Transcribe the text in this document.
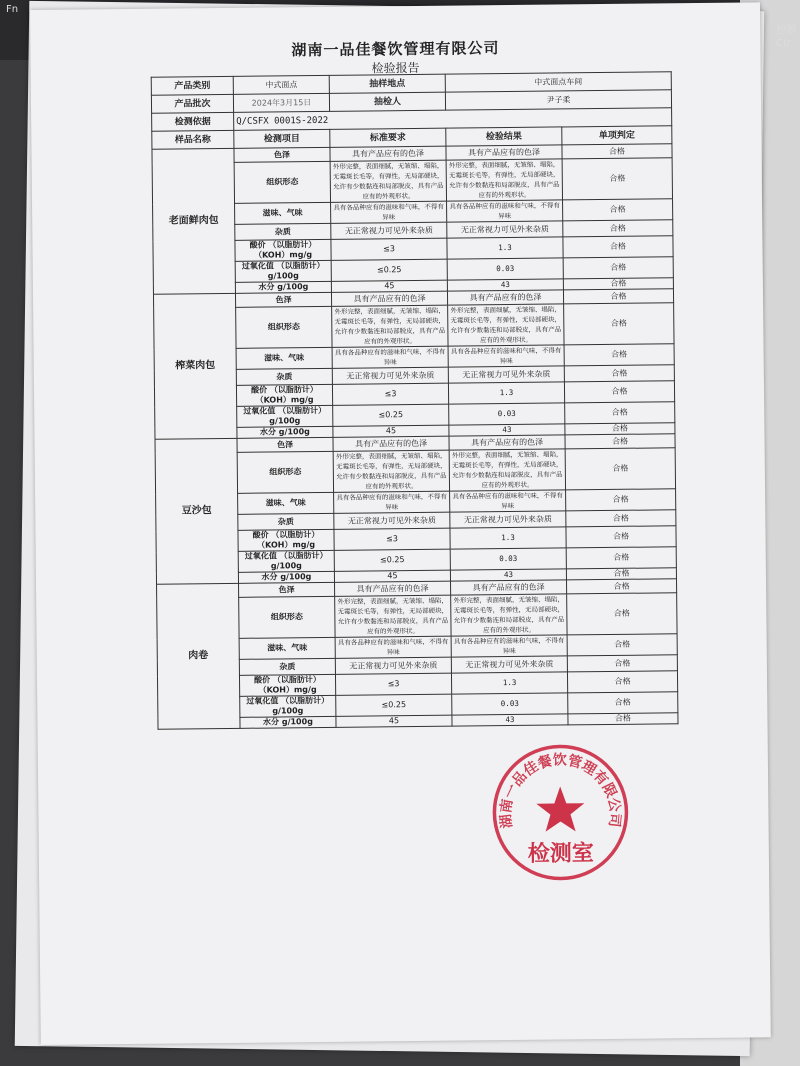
Fn
控制
Ctr
湖南一品佳餐饮管理有限公司
检验报告
产品类别	中式面点	抽样地点	中式面点车间	
产品批次	2024年3月15日	抽检人	尹子柔	
检测依据	Q/CSFX 0001S-2022			
样品名称	检测项目	标准要求	检验结果	单项判定
老面鲜肉包	色泽	具有产品应有的色泽	具有产品应有的色泽	合格
	组织形态	外形完整，表面细腻，无皱缩、塌陷，无霉斑长毛等，有弹性，无局部硬块，允许有少数黏连和局部脱皮，具有产品应有的外观形状。	外形完整，表面细腻，无皱缩、塌陷，无霉斑长毛等，有弹性，无局部硬块，允许有少数黏连和局部脱皮，具有产品应有的外观形状。	合格
	滋味、气味	具有各品种应有的滋味和气味，不得有异味	具有各品种应有的滋味和气味，不得有异味	合格
	杂质	无正常视力可见外来杂质	无正常视力可见外来杂质	合格
	酸价 （以脂肪计）（KOH）mg/g	≤3	1.3	合格
	过氧化值 （以脂肪计）g/100g	≤0.25	0.03	合格
	水分 g/100g	45	43	合格
榨菜肉包	色泽	具有产品应有的色泽	具有产品应有的色泽	合格
	组织形态	外形完整，表面细腻，无皱缩、塌陷，无霉斑长毛等，有弹性，无局部硬块，允许有少数黏连和局部脱皮，具有产品应有的外观形状。	外形完整，表面细腻，无皱缩、塌陷，无霉斑长毛等，有弹性，无局部硬块，允许有少数黏连和局部脱皮，具有产品应有的外观形状。	合格
	滋味、气味	具有各品种应有的滋味和气味，不得有异味	具有各品种应有的滋味和气味，不得有异味	合格
	杂质	无正常视力可见外来杂质	无正常视力可见外来杂质	合格
	酸价 （以脂肪计）（KOH）mg/g	≤3	1.3	合格
	过氧化值 （以脂肪计）g/100g	≤0.25	0.03	合格
	水分 g/100g	45	43	合格
豆沙包	色泽	具有产品应有的色泽	具有产品应有的色泽	合格
	组织形态	外形完整，表面细腻，无皱缩、塌陷，无霉斑长毛等，有弹性，无局部硬块，允许有少数黏连和局部脱皮，具有产品应有的外观形状。	外形完整，表面细腻，无皱缩、塌陷，无霉斑长毛等，有弹性，无局部硬块，允许有少数黏连和局部脱皮，具有产品应有的外观形状。	合格
	滋味、气味	具有各品种应有的滋味和气味，不得有异味	具有各品种应有的滋味和气味，不得有异味	合格
	杂质	无正常视力可见外来杂质	无正常视力可见外来杂质	合格
	酸价 （以脂肪计）（KOH）mg/g	≤3	1.3	合格
	过氧化值 （以脂肪计）g/100g	≤0.25	0.03	合格
	水分 g/100g	45	43	合格
肉卷	色泽	具有产品应有的色泽	具有产品应有的色泽	合格
	组织形态	外形完整，表面细腻，无皱缩、塌陷，无霉斑长毛等，有弹性，无局部硬块，允许有少数黏连和局部脱皮，具有产品应有的外观形状。	外形完整，表面细腻，无皱缩、塌陷，无霉斑长毛等，有弹性，无局部硬块，允许有少数黏连和局部脱皮，具有产品应有的外观形状。	合格
	滋味、气味	具有各品种应有的滋味和气味，不得有异味	具有各品种应有的滋味和气味，不得有异味	合格
	杂质	无正常视力可见外来杂质	无正常视力可见外来杂质	合格
	酸价 （以脂肪计）（KOH）mg/g	≤3	1.3	合格
	过氧化值 （以脂肪计）g/100g	≤0.25	0.03	合格
	水分 g/100g	45	43	合格
湖南一品佳餐饮管理有限公司
检测室
